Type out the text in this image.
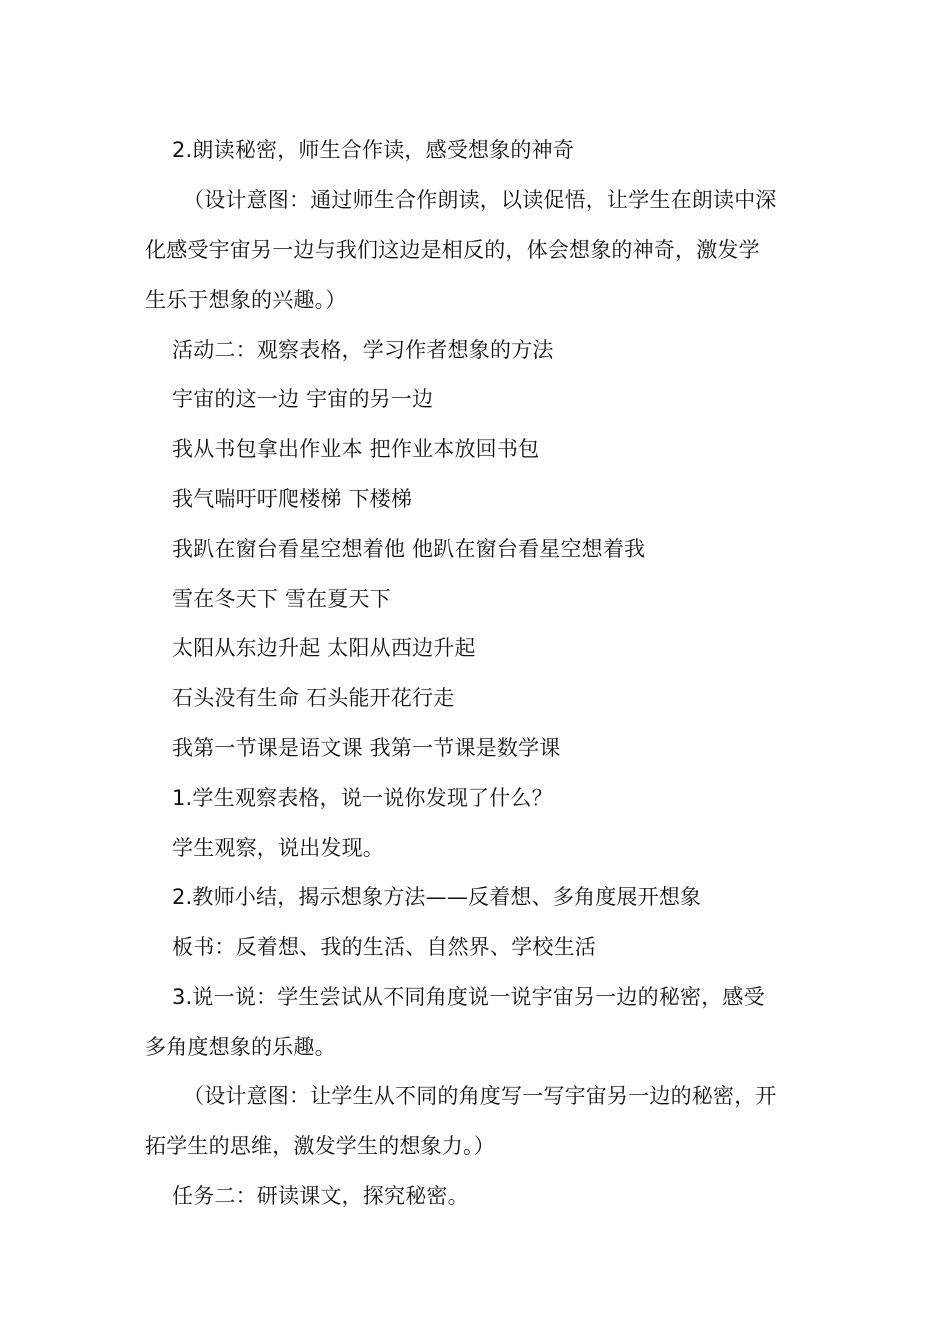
2.朗读秘密，师生合作读，感受想象的神奇
（设计意图：通过师生合作朗读，以读促悟，让学生在朗读中深
化感受宇宙另一边与我们这边是相反的，体会想象的神奇，激发学
生乐于想象的兴趣。）
活动二：观察表格，学习作者想象的方法
宇宙的这一边 宇宙的另一边
我从书包拿出作业本 把作业本放回书包
我气喘吁吁爬楼梯 下楼梯
我趴在窗台看星空想着他 他趴在窗台看星空想着我
雪在冬天下 雪在夏天下
太阳从东边升起 太阳从西边升起
石头没有生命 石头能开花行走
我第一节课是语文课 我第一节课是数学课
1.学生观察表格，说一说你发现了什么？
学生观察，说出发现。
2.教师小结，揭示想象方法——反着想、多角度展开想象
板书：反着想、我的生活、自然界、学校生活
3.说一说：学生尝试从不同角度说一说宇宙另一边的秘密，感受
多角度想象的乐趣。
（设计意图：让学生从不同的角度写一写宇宙另一边的秘密，开
拓学生的思维，激发学生的想象力。）
任务二：研读课文，探究秘密。
